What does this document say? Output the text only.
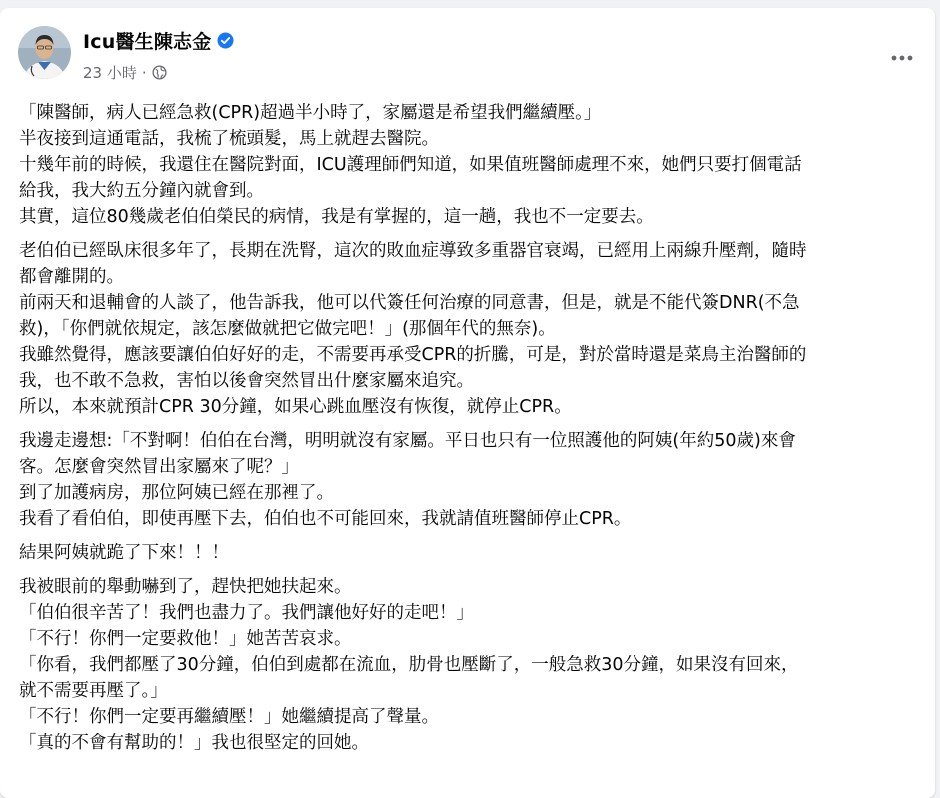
Icu醫生陳志金
23 小時 ·
「陳醫師，病人已經急救(CPR)超過半小時了，家屬還是希望我們繼續壓。」
半夜接到這通電話，我梳了梳頭髮，馬上就趕去醫院。
十幾年前的時候，我還住在醫院對面，ICU護理師們知道，如果值班醫師處理不來，她們只要打個電話
給我，我大約五分鐘內就會到。
其實，這位80幾歲老伯伯榮民的病情，我是有掌握的，這一趟，我也不一定要去。
老伯伯已經臥床很多年了，長期在洗腎，這次的敗血症導致多重器官衰竭，已經用上兩線升壓劑，隨時
都會離開的。
前兩天和退輔會的人談了，他告訴我，他可以代簽任何治療的同意書，但是，就是不能代簽DNR(不急
救)，「你們就依規定，該怎麼做就把它做完吧！」(那個年代的無奈)。
我雖然覺得，應該要讓伯伯好好的走，不需要再承受CPR的折騰，可是，對於當時還是菜鳥主治醫師的
我，也不敢不急救，害怕以後會突然冒出什麼家屬來追究。
所以，本來就預計CPR 30分鐘，如果心跳血壓沒有恢復，就停止CPR。
我邊走邊想:「不對啊！伯伯在台灣，明明就沒有家屬。平日也只有一位照護他的阿姨(年約50歲)來會
客。怎麼會突然冒出家屬來了呢？」
到了加護病房，那位阿姨已經在那裡了。
我看了看伯伯，即使再壓下去，伯伯也不可能回來，我就請值班醫師停止CPR。
結果阿姨就跪了下來！！！
我被眼前的舉動嚇到了，趕快把她扶起來。
「伯伯很辛苦了！我們也盡力了。我們讓他好好的走吧！」
「不行！你們一定要救他！」她苦苦哀求。
「你看，我們都壓了30分鐘，伯伯到處都在流血，肋骨也壓斷了，一般急救30分鐘，如果沒有回來，
就不需要再壓了。」
「不行！你們一定要再繼續壓！」她繼續提高了聲量。
「真的不會有幫助的！」我也很堅定的回她。
